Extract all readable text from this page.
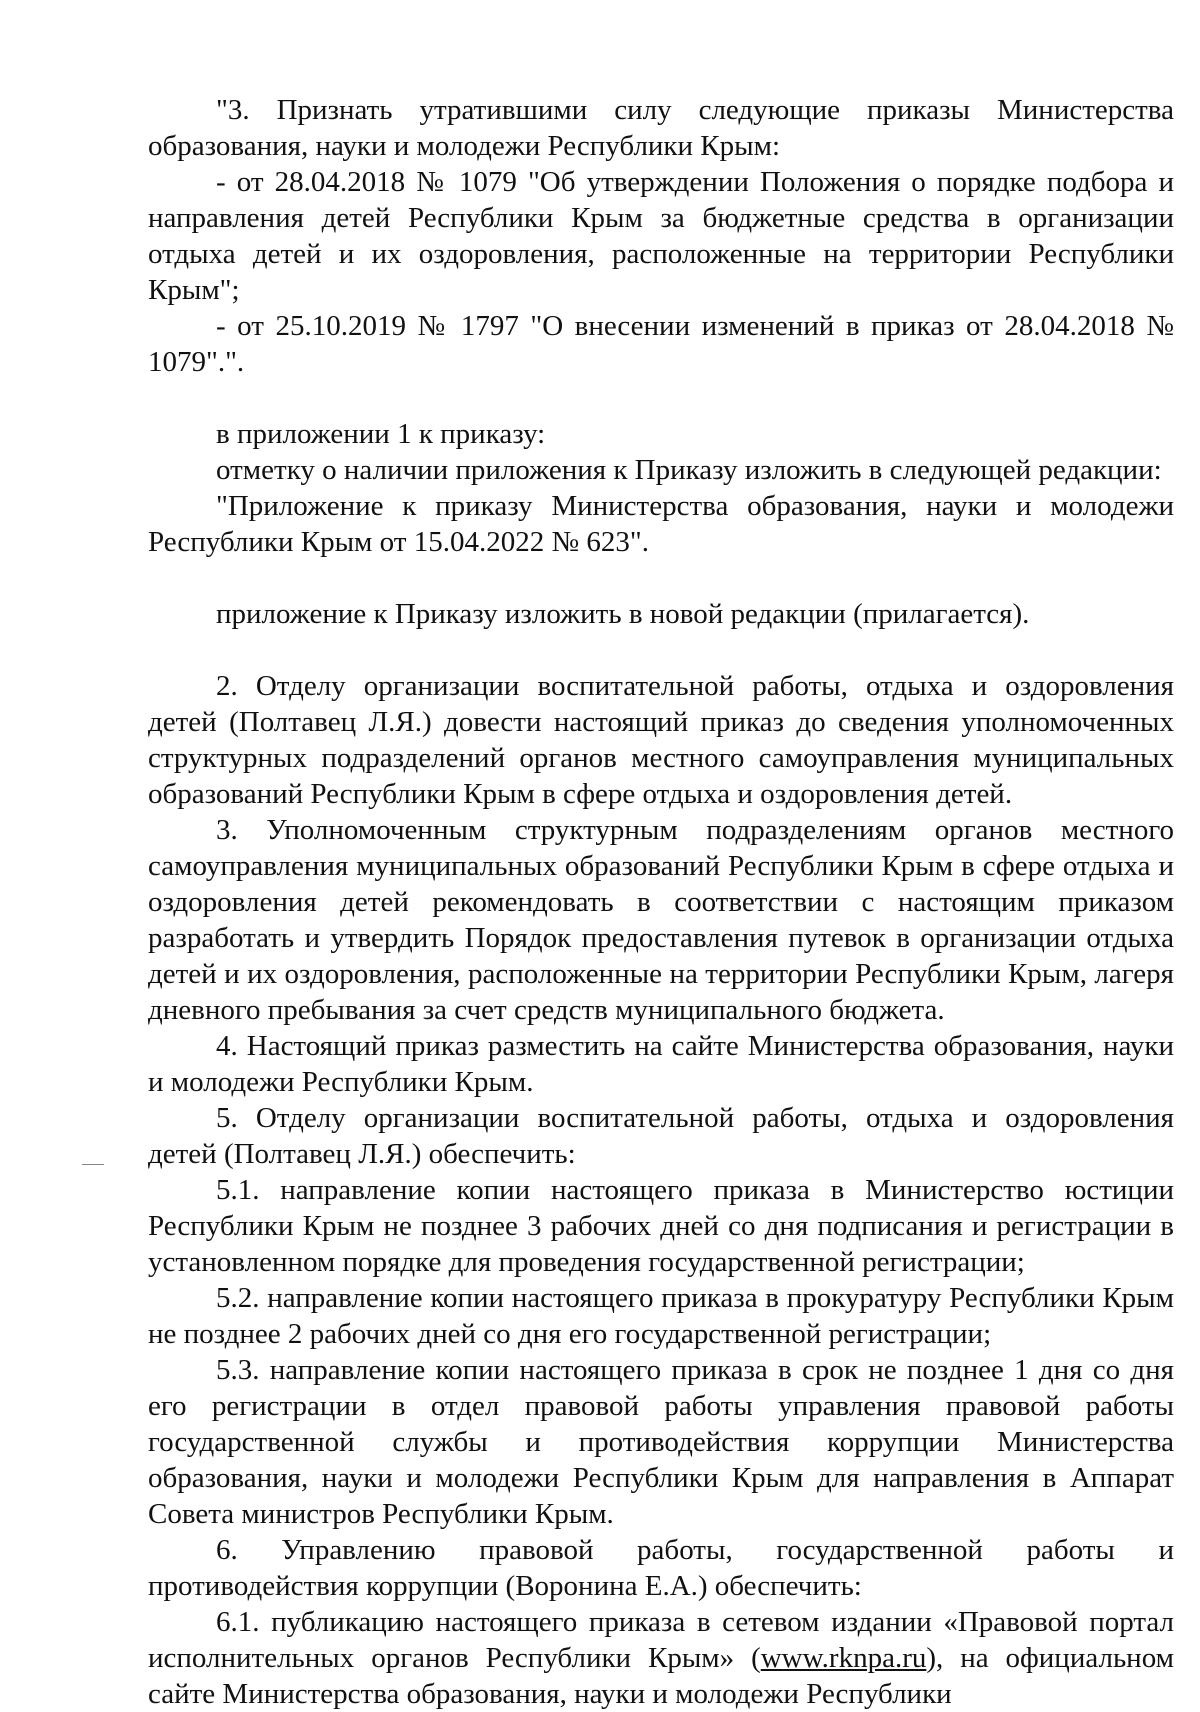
"3. Признать утратившими силу следующие приказы Министерства образования, науки и молодежи Республики Крым:

- от 28.04.2018 № 1079 "Об утверждении Положения о порядке подбора и направления детей Республики Крым за бюджетные средства в организации отдыха детей и их оздоровления, расположенные на территории Республики Крым";

- от 25.10.2019 № 1797 "О внесении изменений в приказ от 28.04.2018 № 1079".".

в приложении 1 к приказу:

отметку о наличии приложения к Приказу изложить в следующей редакции:

"Приложение к приказу Министерства образования, науки и молодежи Республики Крым от 15.04.2022 № 623".

приложение к Приказу изложить в новой редакции (прилагается).

2. Отделу организации воспитательной работы, отдыха и оздоровления детей (Полтавец Л.Я.) довести настоящий приказ до сведения уполномоченных структурных подразделений органов местного самоуправления муниципальных образований Республики Крым в сфере отдыха и оздоровления детей.

3. Уполномоченным структурным подразделениям органов местного самоуправления муниципальных образований Республики Крым в сфере отдыха и оздоровления детей рекомендовать в соответствии с настоящим приказом разработать и утвердить Порядок предоставления путевок в организации отдыха детей и их оздоровления, расположенные на территории Республики Крым, лагеря дневного пребывания за счет средств муниципального бюджета.

4. Настоящий приказ разместить на сайте Министерства образования, науки и молодежи Республики Крым.

5. Отделу организации воспитательной работы, отдыха и оздоровления детей (Полтавец Л.Я.) обеспечить:

5.1. направление копии настоящего приказа в Министерство юстиции Республики Крым не позднее 3 рабочих дней со дня подписания и регистрации в установленном порядке для проведения государственной регистрации;

5.2. направление копии настоящего приказа в прокуратуру Республики Крым не позднее 2 рабочих дней со дня его государственной регистрации;

5.3. направление копии настоящего приказа в срок не позднее 1 дня со дня его регистрации в отдел правовой работы управления правовой работы государственной службы и противодействия коррупции Министерства образования, науки и молодежи Республики Крым для направления в Аппарат Совета министров Республики Крым.

6. Управлению правовой работы, государственной работы и противодействия коррупции (Воронина Е.А.) обеспечить:

6.1. публикацию настоящего приказа в сетевом издании «Правовой портал исполнительных органов Республики Крым» (www.rknpa.ru), на официальном сайте Министерства образования, науки и молодежи Республики
